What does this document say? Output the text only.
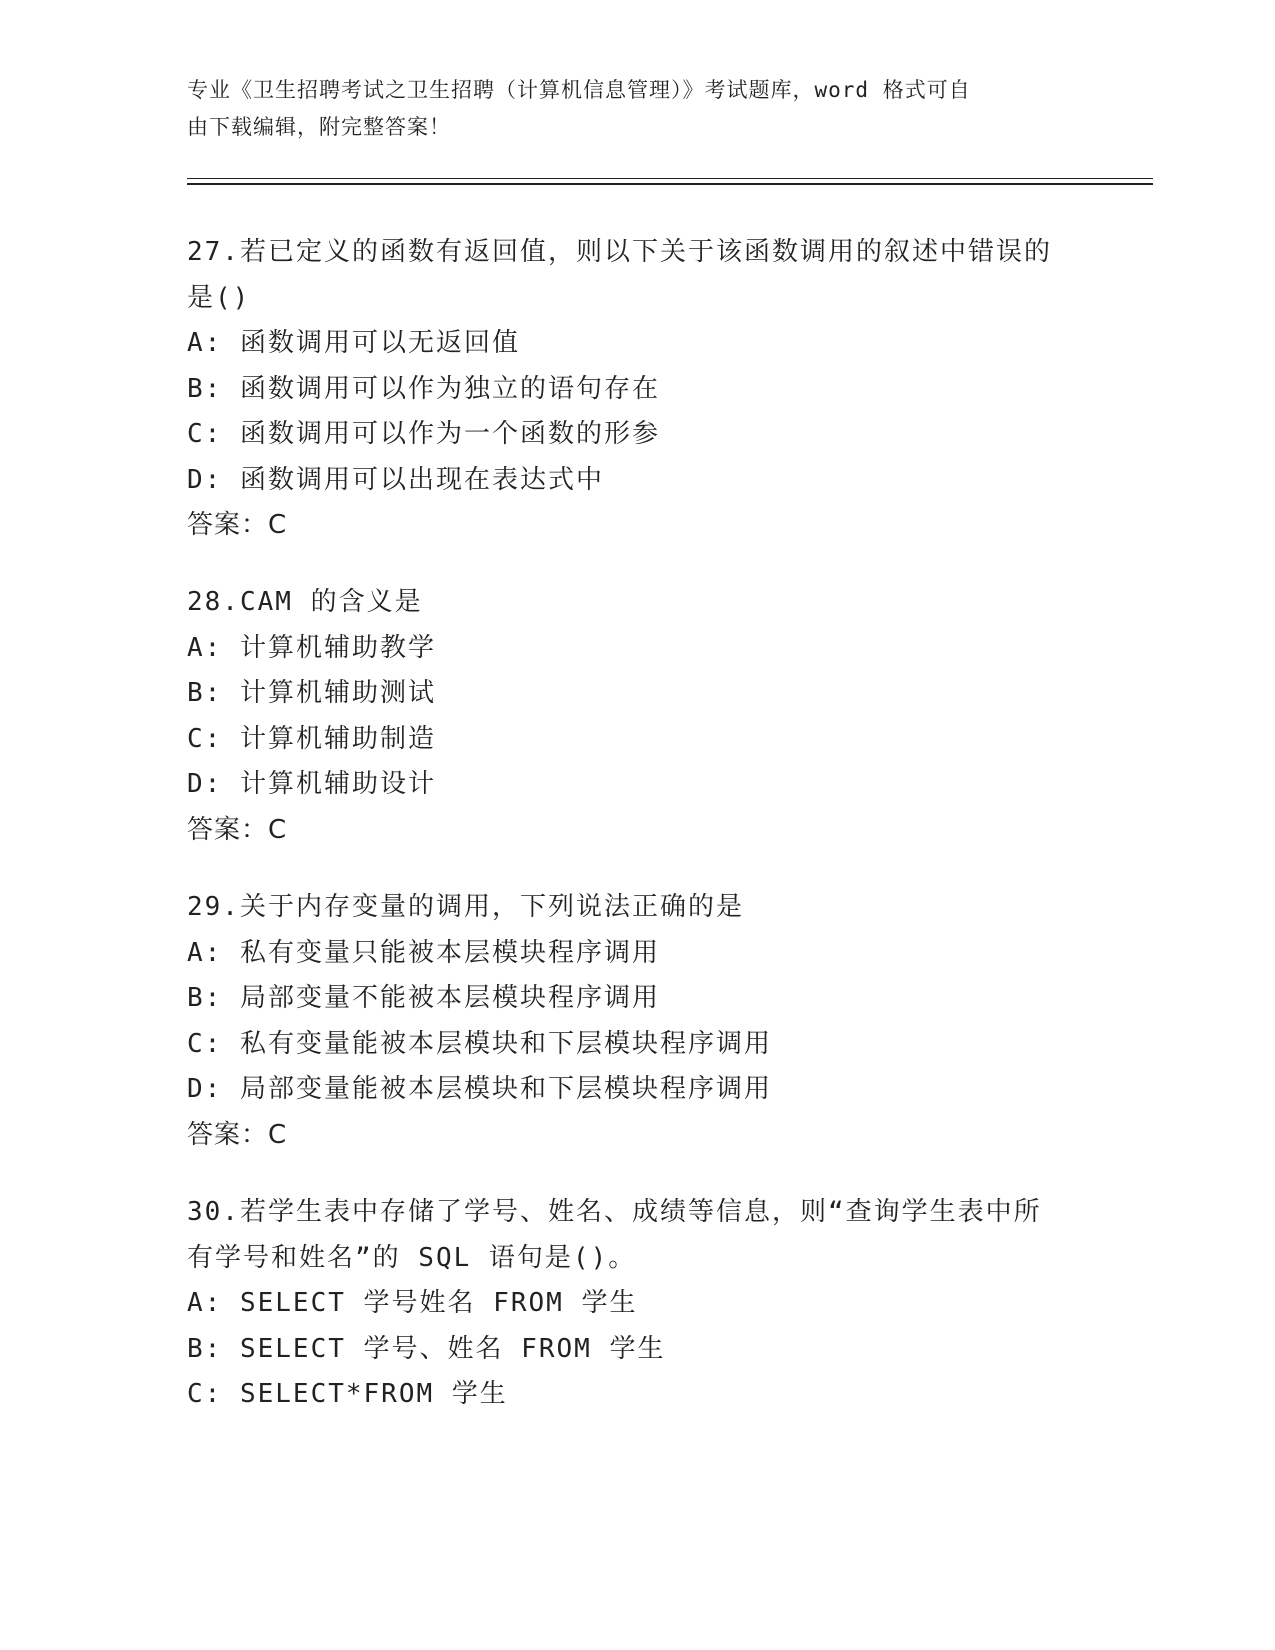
专业《卫生招聘考试之卫生招聘（计算机信息管理）》考试题库，word 格式可自
由下载编辑，附完整答案！
27.若已定义的函数有返回值，则以下关于该函数调用的叙述中错误的
是()
A: 函数调用可以无返回值
B: 函数调用可以作为独立的语句存在
C: 函数调用可以作为一个函数的形参
D: 函数调用可以出现在表达式中
答案：C
28.CAM 的含义是
A: 计算机辅助教学
B: 计算机辅助测试
C: 计算机辅助制造
D: 计算机辅助设计
答案：C
29.关于内存变量的调用，下列说法正确的是
A: 私有变量只能被本层模块程序调用
B: 局部变量不能被本层模块程序调用
C: 私有变量能被本层模块和下层模块程序调用
D: 局部变量能被本层模块和下层模块程序调用
答案：C
30.若学生表中存储了学号、姓名、成绩等信息，则“查询学生表中所
有学号和姓名”的 SQL 语句是()。
A: SELECT 学号姓名 FROM 学生
B: SELECT 学号、姓名 FROM 学生
C: SELECT*FROM 学生
